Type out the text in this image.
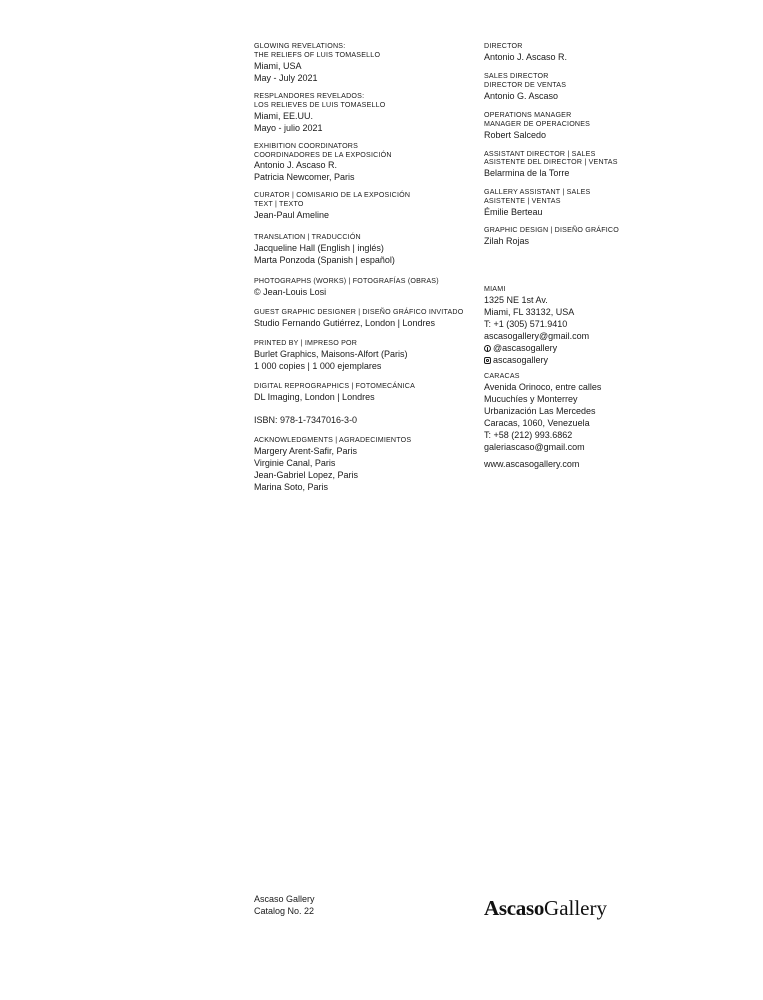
GLOWING REVELATIONS:
THE RELIEFS OF LUIS TOMASELLO
Miami, USA
May - July 2021
RESPLANDORES REVELADOS:
LOS RELIEVES DE LUIS TOMASELLO
Miami, EE.UU.
Mayo - julio 2021
EXHIBITION COORDINATORS
COORDINADORES DE LA EXPOSICIÓN
Antonio J. Ascaso R.
Patricia Newcomer, Paris
CURATOR | COMISARIO DE LA EXPOSICIÓN
TEXT | TEXTO
Jean-Paul Ameline
TRANSLATION | TRADUCCIÓN
Jacqueline Hall (English | inglés)
Marta Ponzoda (Spanish | español)
PHOTOGRAPHS (WORKS) | FOTOGRAFÍAS (OBRAS)
© Jean-Louis Losi
GUEST GRAPHIC DESIGNER | DISEÑO GRÁFICO INVITADO
Studio Fernando Gutiérrez, London | Londres
PRINTED BY | IMPRESO POR
Burlet Graphics, Maisons-Alfort (Paris)
1 000 copies | 1 000 ejemplares
DIGITAL REPROGRAPHICS | FOTOMECÁNICA
DL Imaging, London | Londres
ISBN: 978-1-7347016-3-0
ACKNOWLEDGMENTS | AGRADECIMIENTOS
Margery Arent-Safir, Paris
Virginie Canal, Paris
Jean-Gabriel Lopez, Paris
Marina Soto, Paris
DIRECTOR
Antonio J. Ascaso R.
SALES DIRECTOR
DIRECTOR DE VENTAS
Antonio G. Ascaso
OPERATIONS MANAGER
MANAGER DE OPERACIONES
Robert Salcedo
ASSISTANT DIRECTOR | SALES
ASISTENTE DEL DIRECTOR | VENTAS
Belarmina de la Torre
GALLERY ASSISTANT | SALES
ASISTENTE | VENTAS
Émilie Berteau
GRAPHIC DESIGN | DISEÑO GRÁFICO
Zilah Rojas
MIAMI
1325 NE 1st Av.
Miami, FL 33132, USA
T: +1 (305) 571.9410
ascasogallery@gmail.com
@ascasogallery
ascasogallery
CARACAS
Avenida Orinoco, entre calles
Mucuchíes y Monterrey
Urbanización Las Mercedes
Caracas, 1060, Venezuela
T: +58 (212) 993.6862
galeriascaso@gmail.com
www.ascasogallery.com
Ascaso Gallery
Catalog No. 22	AscasoGallery
